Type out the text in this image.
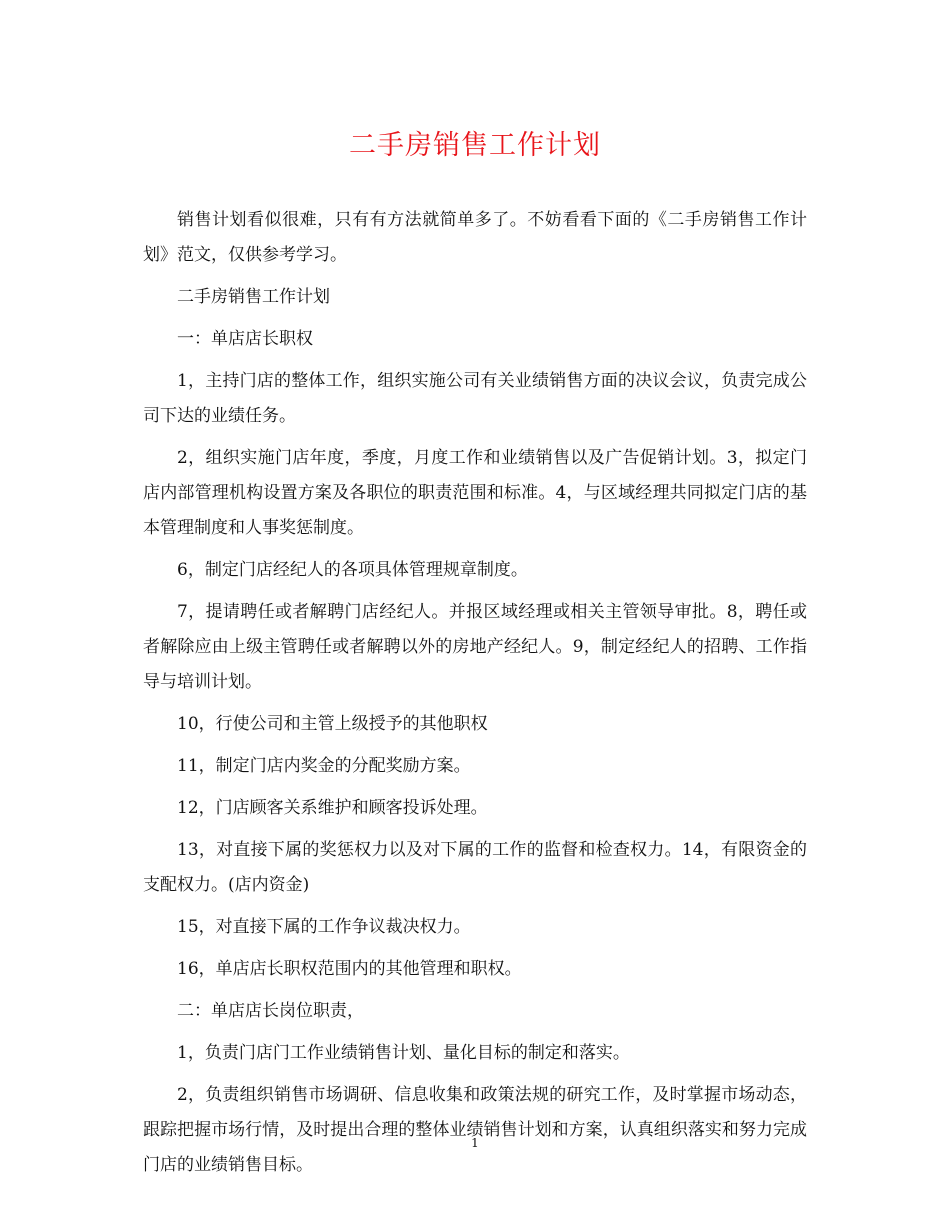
二手房销售工作计划

销售计划看似很难，只有有方法就简单多了。不妨看看下面的《二手房销售工作计划》范文，仅供参考学习。

二手房销售工作计划

一：单店店长职权

1，主持门店的整体工作，组织实施公司有关业绩销售方面的决议会议，负责完成公司下达的业绩任务。

2，组织实施门店年度，季度，月度工作和业绩销售以及广告促销计划。3，拟定门店内部管理机构设置方案及各职位的职责范围和标准。4，与区域经理共同拟定门店的基本管理制度和人事奖惩制度。

6，制定门店经纪人的各项具体管理规章制度。

7，提请聘任或者解聘门店经纪人。并报区域经理或相关主管领导审批。8，聘任或者解除应由上级主管聘任或者解聘以外的房地产经纪人。9，制定经纪人的招聘、工作指导与培训计划。

10，行使公司和主管上级授予的其他职权

11，制定门店内奖金的分配奖励方案。

12，门店顾客关系维护和顾客投诉处理。

13，对直接下属的奖惩权力以及对下属的工作的监督和检查权力。14，有限资金的支配权力。(店内资金)

15，对直接下属的工作争议裁决权力。

16，单店店长职权范围内的其他管理和职权。

二：单店店长岗位职责，

1，负责门店门工作业绩销售计划、量化目标的制定和落实。

2，负责组织销售市场调研、信息收集和政策法规的研究工作，及时掌握市场动态，跟踪把握市场行情，及时提出合理的整体业绩销售计划和方案，认真组织落实和努力完成门店的业绩销售目标。

1
